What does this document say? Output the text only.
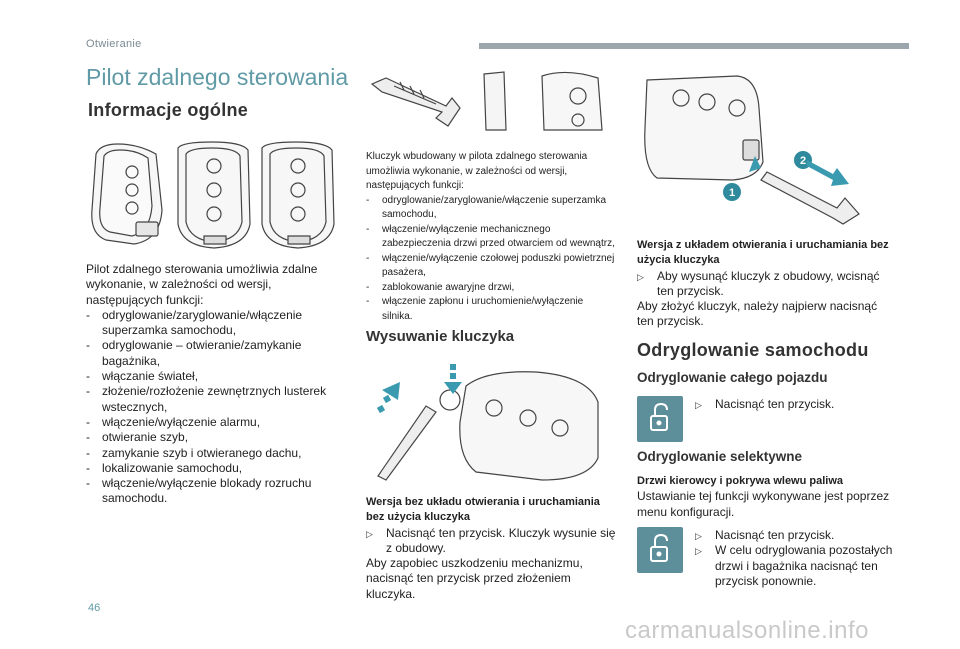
Otwieranie
Pilot zdalnego sterowania
Informacje ogólne

Pilot zdalnego sterowania umożliwia zdalne wykonanie, w zależności od wersji, następujących funkcji:

- odryglowanie/zaryglowanie/włączenie superzamka samochodu,
- odryglowanie – otwieranie/zamykanie bagażnika,
- włączanie świateł,
- złożenie/rozłożenie zewnętrznych lusterek wstecznych,
- włączenie/wyłączenie alarmu,
- otwieranie szyb,
- zamykanie szyb i otwieranego dachu,
- lokalizowanie samochodu,
- włączenie/wyłączenie blokady rozruchu samochodu.
Kluczyk wbudowany w pilota zdalnego sterowania umożliwia wykonanie, w zależności od wersji, następujących funkcji:
- odryglowanie/zaryglowanie/włączenie superzamka samochodu,
- włączenie/wyłączenie mechanicznego zabezpieczenia drzwi przed otwarciem od wewnątrz,
- włączenie/wyłączenie czołowej poduszki powietrznej pasażera,
- zablokowanie awaryjne drzwi,
- włączenie zapłonu i uruchomienie/wyłączenie silnika.
Wysuwanie kluczyka
Wersja bez układu otwierania i uruchamiania bez użycia kluczyka
▷ Nacisnąć ten przycisk. Kluczyk wysunie się z obudowy.
Aby zapobiec uszkodzeniu mechanizmu, nacisnąć ten przycisk przed złożeniem kluczyka.
1
2
Wersja z układem otwierania i uruchamiania bez użycia kluczyka
▷ Aby wysunąć kluczyk z obudowy, wcisnąć ten przycisk.
Aby złożyć kluczyk, należy najpierw nacisnąć ten przycisk.
Odryglowanie samochodu
Odryglowanie całego pojazdu
▷ Nacisnąć ten przycisk.
Odryglowanie selektywne
Drzwi kierowcy i pokrywa wlewu paliwa
Ustawianie tej funkcji wykonywane jest poprzez menu konfiguracji.
▷ Nacisnąć ten przycisk.
▷ W celu odryglowania pozostałych drzwi i bagażnika nacisnąć ten przycisk ponownie.
46
carmanualsonline.info
